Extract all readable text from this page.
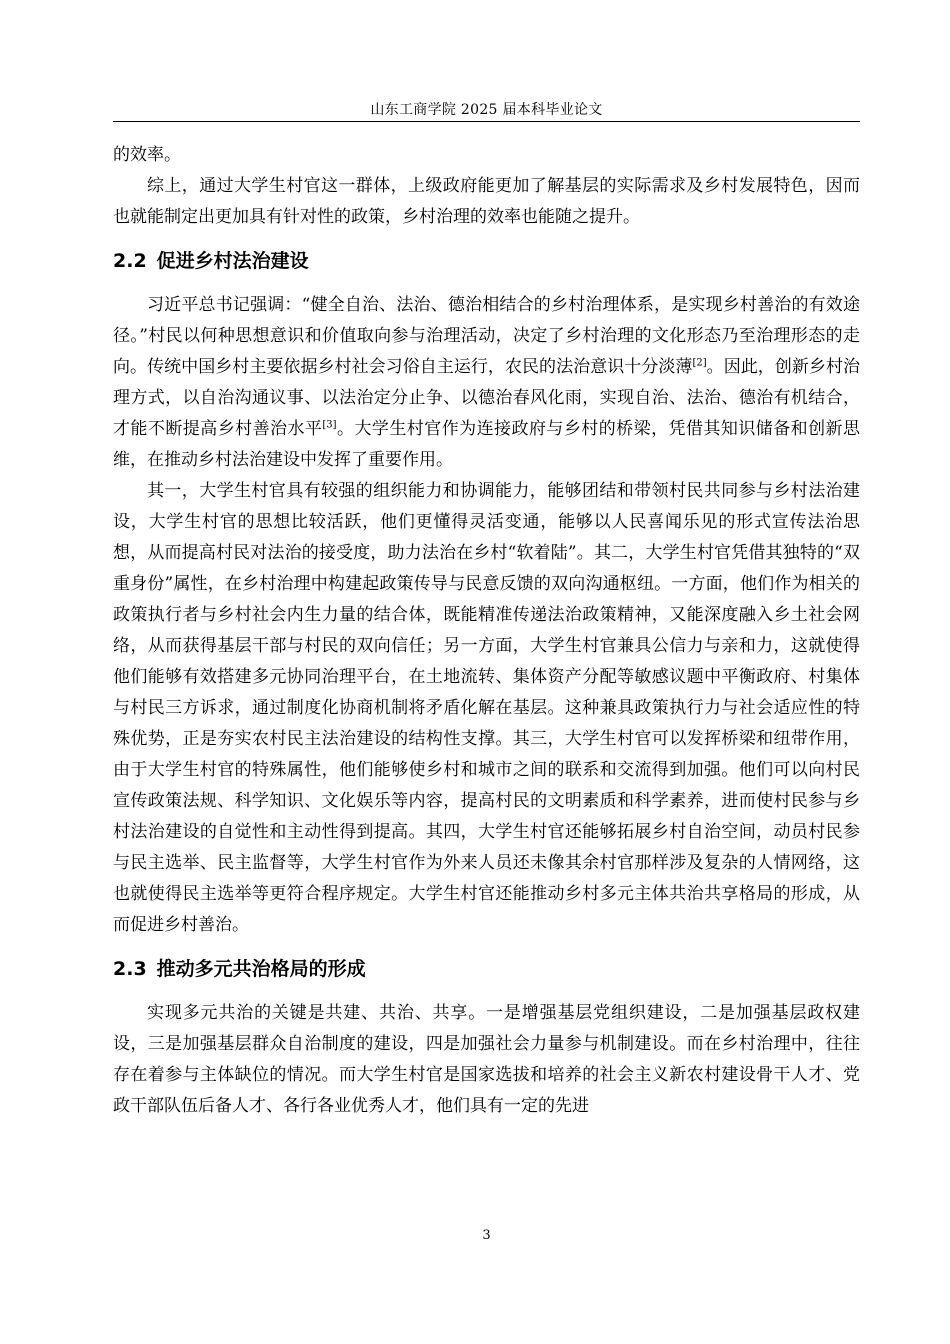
山东工商学院 2025 届本科毕业论文

的效率。

综上，通过大学生村官这一群体，上级政府能更加了解基层的实际需求及乡村发展特色，因而也就能制定出更加具有针对性的政策，乡村治理的效率也能随之提升。

2.2 促进乡村法治建设

习近平总书记强调：“健全自治、法治、德治相结合的乡村治理体系，是实现乡村善治的有效途径。”村民以何种思想意识和价值取向参与治理活动，决定了乡村治理的文化形态乃至治理形态的走向。传统中国乡村主要依据乡村社会习俗自主运行，农民的法治意识十分淡薄[2]。因此，创新乡村治理方式，以自治沟通议事、以法治定分止争、以德治春风化雨，实现自治、法治、德治有机结合，才能不断提高乡村善治水平[3]。大学生村官作为连接政府与乡村的桥梁，凭借其知识储备和创新思维，在推动乡村法治建设中发挥了重要作用。

其一，大学生村官具有较强的组织能力和协调能力，能够团结和带领村民共同参与乡村法治建设，大学生村官的思想比较活跃，他们更懂得灵活变通，能够以人民喜闻乐见的形式宣传法治思想，从而提高村民对法治的接受度，助力法治在乡村“软着陆”。其二，大学生村官凭借其独特的“双重身份”属性，在乡村治理中构建起政策传导与民意反馈的双向沟通枢纽。一方面，他们作为相关的政策执行者与乡村社会内生力量的结合体，既能精准传递法治政策精神，又能深度融入乡土社会网络，从而获得基层干部与村民的双向信任；另一方面，大学生村官兼具公信力与亲和力，这就使得他们能够有效搭建多元协同治理平台，在土地流转、集体资产分配等敏感议题中平衡政府、村集体与村民三方诉求，通过制度化协商机制将矛盾化解在基层。这种兼具政策执行力与社会适应性的特殊优势，正是夯实农村民主法治建设的结构性支撑。其三，大学生村官可以发挥桥梁和纽带作用，由于大学生村官的特殊属性，他们能够使乡村和城市之间的联系和交流得到加强。他们可以向村民宣传政策法规、科学知识、文化娱乐等内容，提高村民的文明素质和科学素养，进而使村民参与乡村法治建设的自觉性和主动性得到提高。其四，大学生村官还能够拓展乡村自治空间，动员村民参与民主选举、民主监督等，大学生村官作为外来人员还未像其余村官那样涉及复杂的人情网络，这也就使得民主选举等更符合程序规定。大学生村官还能推动乡村多元主体共治共享格局的形成，从而促进乡村善治。

2.3 推动多元共治格局的形成

实现多元共治的关键是共建、共治、共享。一是增强基层党组织建设，二是加强基层政权建设，三是加强基层群众自治制度的建设，四是加强社会力量参与机制建设。而在乡村治理中，往往存在着参与主体缺位的情况。而大学生村官是国家选拔和培养的社会主义新农村建设骨干人才、党政干部队伍后备人才、各行各业优秀人才，他们具有一定的先进

3
